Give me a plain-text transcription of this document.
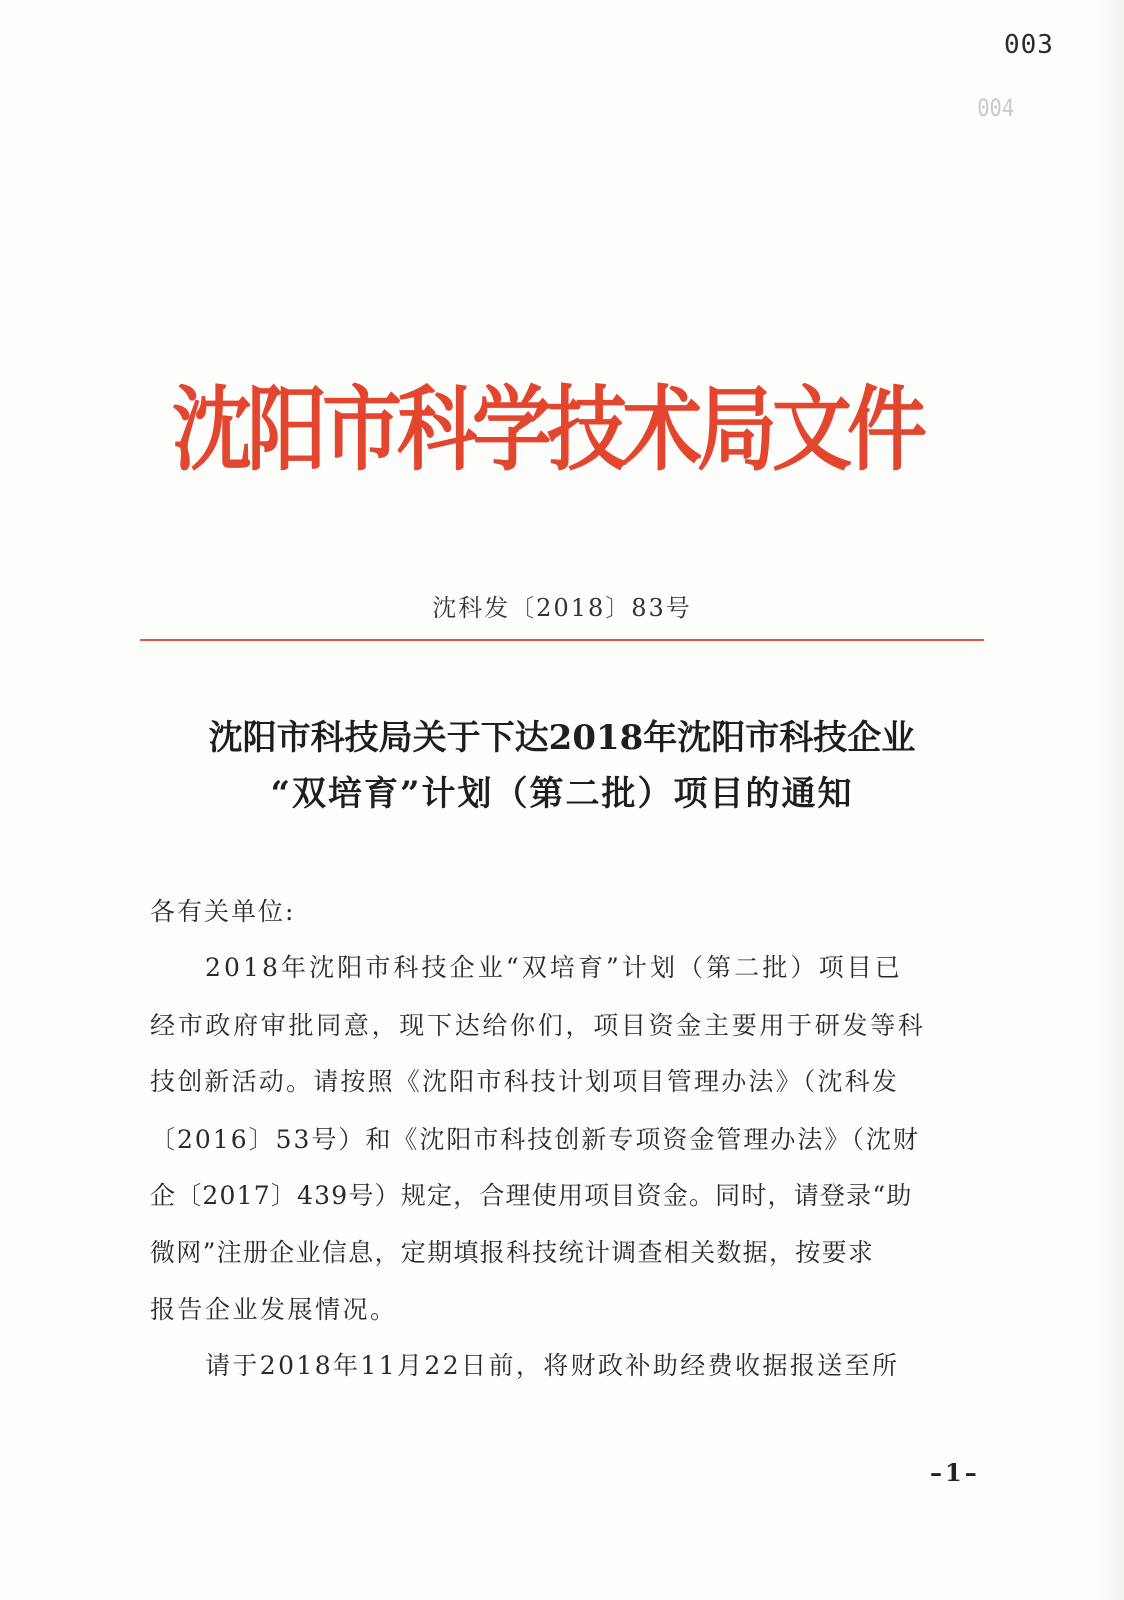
003
004
沈阳市科学技术局文件
沈科发〔2018〕83号
沈阳市科技局关于下达2018年沈阳市科技企业
“双培育”计划（第二批）项目的通知
各有关单位:
2018年沈阳市科技企业“双培育”计划（第二批）项目已
经市政府审批同意，现下达给你们，项目资金主要用于研发等科
技创新活动。请按照《沈阳市科技计划项目管理办法》（沈科发
〔2016〕53号）和《沈阳市科技创新专项资金管理办法》（沈财
企〔2017〕439号）规定，合理使用项目资金。同时，请登录“助
微网”注册企业信息，定期填报科技统计调查相关数据，按要求
报告企业发展情况。
请于2018年11月22日前，将财政补助经费收据报送至所
–1–
